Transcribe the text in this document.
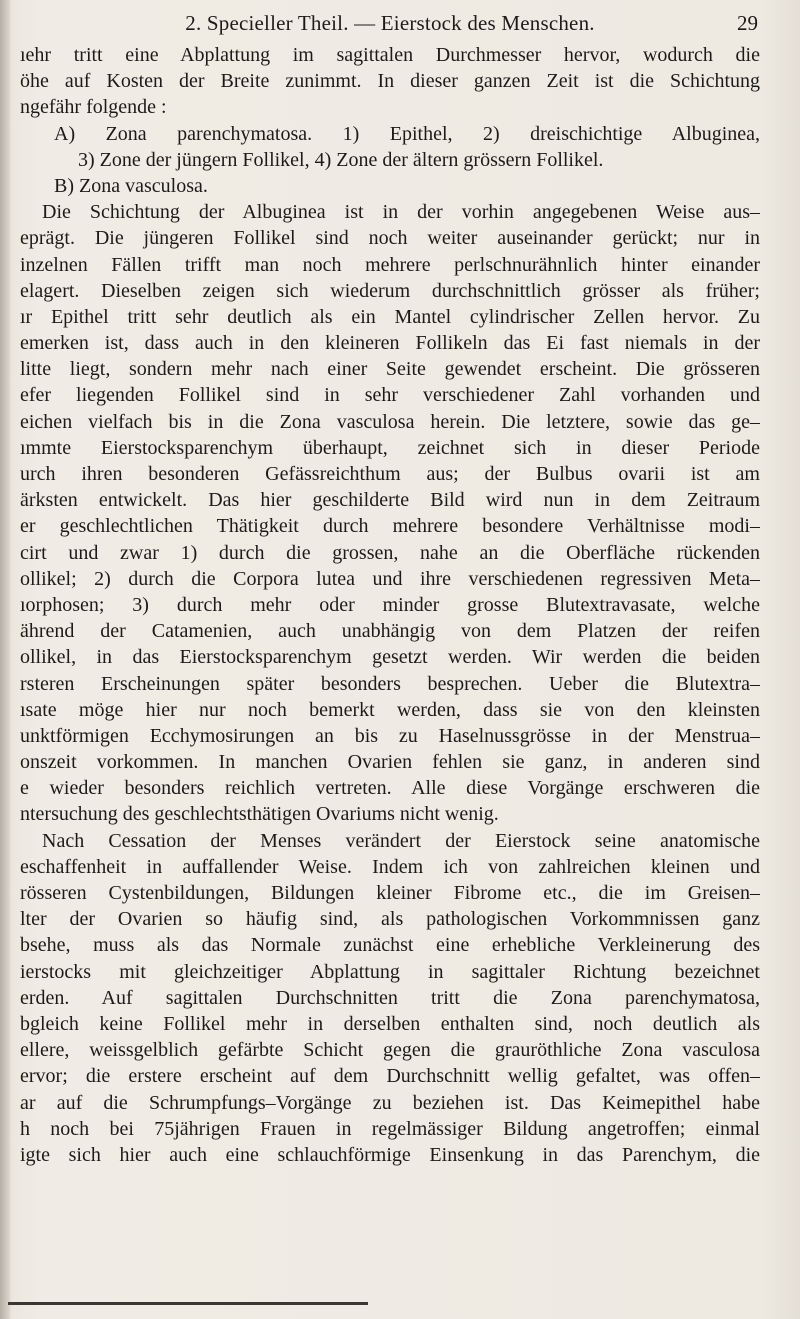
2. Specieller Theil. — Eierstock des Menschen.	29
ıehr tritt eine Abplattung im sagittalen Durchmesser hervor, wodurch die
öhe auf Kosten der Breite zunimmt. In dieser ganzen Zeit ist die Schichtung
ngefähr folgende :
A) Zona parenchymatosa. 1) Epithel, 2) dreischichtige Albuginea,
3) Zone der jüngern Follikel, 4) Zone der ältern grössern Follikel.
B) Zona vasculosa.
Die Schichtung der Albuginea ist in der vorhin angegebenen Weise aus–
eprägt. Die jüngeren Follikel sind noch weiter auseinander gerückt; nur in
inzelnen Fällen trifft man noch mehrere perlschnurähnlich hinter einander
elagert. Dieselben zeigen sich wiederum durchschnittlich grösser als früher;
ır Epithel tritt sehr deutlich als ein Mantel cylindrischer Zellen hervor. Zu
emerken ist, dass auch in den kleineren Follikeln das Ei fast niemals in der
litte liegt, sondern mehr nach einer Seite gewendet erscheint. Die grösseren
efer liegenden Follikel sind in sehr verschiedener Zahl vorhanden und
eichen vielfach bis in die Zona vasculosa herein. Die letztere, sowie das ge–
ımmte Eierstocksparenchym überhaupt, zeichnet sich in dieser Periode
urch ihren besonderen Gefässreichthum aus; der Bulbus ovarii ist am
ärksten entwickelt. Das hier geschilderte Bild wird nun in dem Zeitraum
er geschlechtlichen Thätigkeit durch mehrere besondere Verhältnisse modi–
cirt und zwar 1) durch die grossen, nahe an die Oberfläche rückenden
ollikel; 2) durch die Corpora lutea und ihre verschiedenen regressiven Meta–
ıorphosen; 3) durch mehr oder minder grosse Blutextravasate, welche
ährend der Catamenien, auch unabhängig von dem Platzen der reifen
ollikel, in das Eierstocksparenchym gesetzt werden. Wir werden die beiden
rsteren Erscheinungen später besonders besprechen. Ueber die Blutextra–
ısate möge hier nur noch bemerkt werden, dass sie von den kleinsten
unktförmigen Ecchymosirungen an bis zu Haselnussgrösse in der Menstrua–
onszeit vorkommen. In manchen Ovarien fehlen sie ganz, in anderen sind
e wieder besonders reichlich vertreten. Alle diese Vorgänge erschweren die
ntersuchung des geschlechtsthätigen Ovariums nicht wenig.
Nach Cessation der Menses verändert der Eierstock seine anatomische
eschaffenheit in auffallender Weise. Indem ich von zahlreichen kleinen und
rösseren Cystenbildungen, Bildungen kleiner Fibrome etc., die im Greisen–
lter der Ovarien so häufig sind, als pathologischen Vorkommnissen ganz
bsehe, muss als das Normale zunächst eine erhebliche Verkleinerung des
ierstocks mit gleichzeitiger Abplattung in sagittaler Richtung bezeichnet
erden. Auf sagittalen Durchschnitten tritt die Zona parenchymatosa,
bgleich keine Follikel mehr in derselben enthalten sind, noch deutlich als
ellere, weissgelblich gefärbte Schicht gegen die grauröthliche Zona vasculosa
ervor; die erstere erscheint auf dem Durchschnitt wellig gefaltet, was offen–
ar auf die Schrumpfungs–Vorgänge zu beziehen ist. Das Keimepithel habe
h noch bei 75jährigen Frauen in regelmässiger Bildung angetroffen; einmal
igte sich hier auch eine schlauchförmige Einsenkung in das Parenchym, die
